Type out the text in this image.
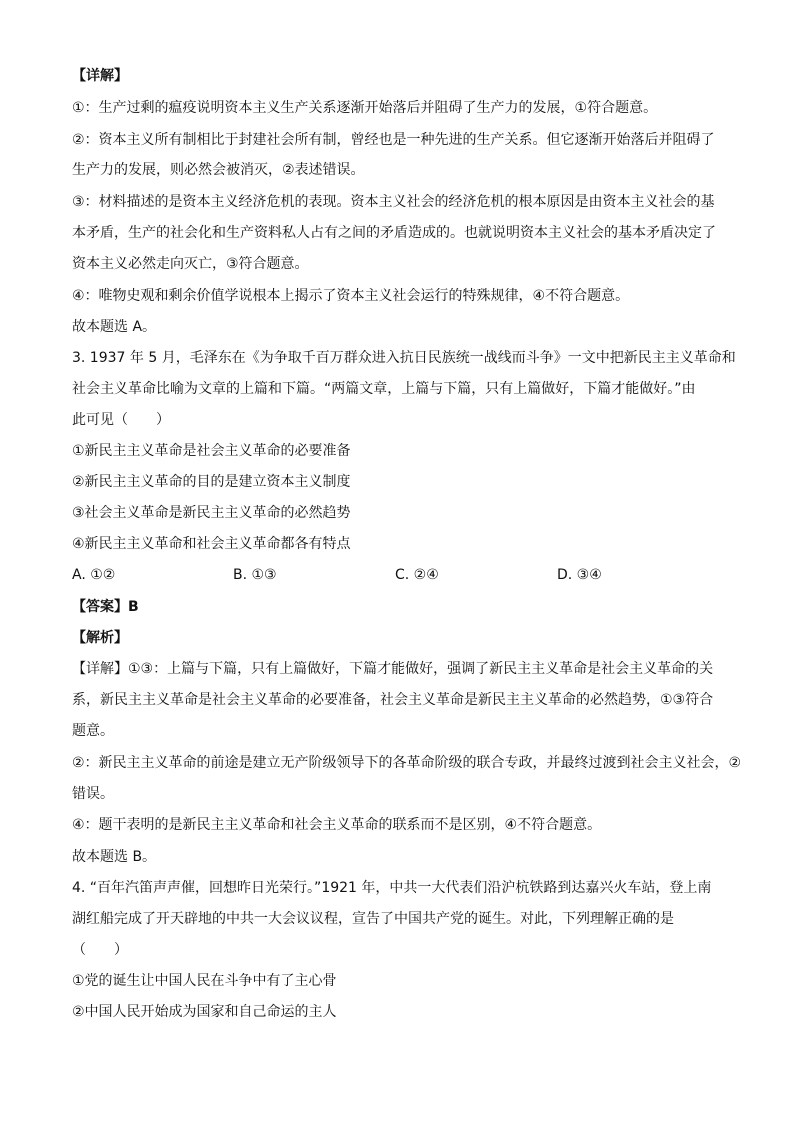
【详解】
①：生产过剩的瘟疫说明资本主义生产关系逐渐开始落后并阻碍了生产力的发展，①符合题意。
②：资本主义所有制相比于封建社会所有制，曾经也是一种先进的生产关系。但它逐渐开始落后并阻碍了
生产力的发展，则必然会被消灭，②表述错误。
③：材料描述的是资本主义经济危机的表现。资本主义社会的经济危机的根本原因是由资本主义社会的基
本矛盾，生产的社会化和生产资料私人占有之间的矛盾造成的。也就说明资本主义社会的基本矛盾决定了
资本主义必然走向灭亡，③符合题意。
④：唯物史观和剩余价值学说根本上揭示了资本主义社会运行的特殊规律，④不符合题意。
故本题选 A。
3. 1937 年 5 月，毛泽东在《为争取千百万群众进入抗日民族统一战线而斗争》一文中把新民主主义革命和
社会主义革命比喻为文章的上篇和下篇。“两篇文章，上篇与下篇，只有上篇做好，下篇才能做好。”由
此可见（　　）
①新民主主义革命是社会主义革命的必要准备
②新民主主义革命的目的是建立资本主义制度
③社会主义革命是新民主主义革命的必然趋势
④新民主主义革命和社会主义革命都各有特点
A. ①②	B. ①③	C. ②④	D. ③④
【答案】B
【解析】
【详解】①③：上篇与下篇，只有上篇做好，下篇才能做好，强调了新民主主义革命是社会主义革命的关
系，新民主主义革命是社会主义革命的必要准备，社会主义革命是新民主主义革命的必然趋势，①③符合
题意。
②：新民主主义革命的前途是建立无产阶级领导下的各革命阶级的联合专政，并最终过渡到社会主义社会，②
错误。
④：题干表明的是新民主主义革命和社会主义革命的联系而不是区别，④不符合题意。
故本题选 B。
4. “百年汽笛声声催，回想昨日光荣行。”1921 年，中共一大代表们沿沪杭铁路到达嘉兴火车站，登上南
湖红船完成了开天辟地的中共一大会议议程，宣告了中国共产党的诞生。对此，下列理解正确的是
（　　）
①党的诞生让中国人民在斗争中有了主心骨
②中国人民开始成为国家和自己命运的主人
